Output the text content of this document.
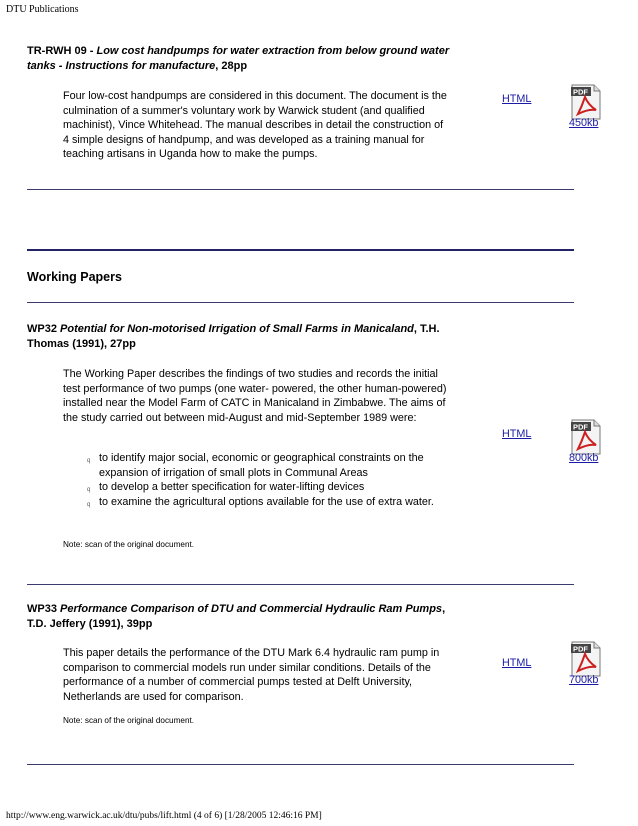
DTU Publications
TR-RWH 09 - Low cost handpumps for water extraction from below ground water tanks - Instructions for manufacture, 28pp
Four low-cost handpumps are considered in this document. The document is the culmination of a summer's voluntary work by Warwick student (and qualified machinist), Vince Whitehead. The manual describes in detail the construction of 4 simple designs of handpump, and was developed as a training manual for teaching artisans in Uganda how to make the pumps.
HTML
PDF
450kb
Working Papers
WP32 Potential for Non-motorised Irrigation of Small Farms in Manicaland, T.H. Thomas (1991), 27pp
The Working Paper describes the findings of two studies and records the initial test performance of two pumps (one water- powered, the other human-powered) installed near the Model Farm of CATC in Manicaland in Zimbabwe. The aims of the study carried out between mid-August and mid-September 1989 were:
q to identify major social, economic or geographical constraints on the expansion of irrigation of small plots in Communal Areas
q to develop a better specification for water-lifting devices
q to examine the agricultural options available for the use of extra water.
Note: scan of the original document.
HTML
PDF
800kb
WP33 Performance Comparison of DTU and Commercial Hydraulic Ram Pumps, T.D. Jeffery (1991), 39pp
This paper details the performance of the DTU Mark 6.4 hydraulic ram pump in comparison to commercial models run under similar conditions. Details of the performance of a number of commercial pumps tested at Delft University, Netherlands are used for comparison.
Note: scan of the original document.
HTML
PDF
700kb
http://www.eng.warwick.ac.uk/dtu/pubs/lift.html (4 of 6) [1/28/2005 12:46:16 PM]
